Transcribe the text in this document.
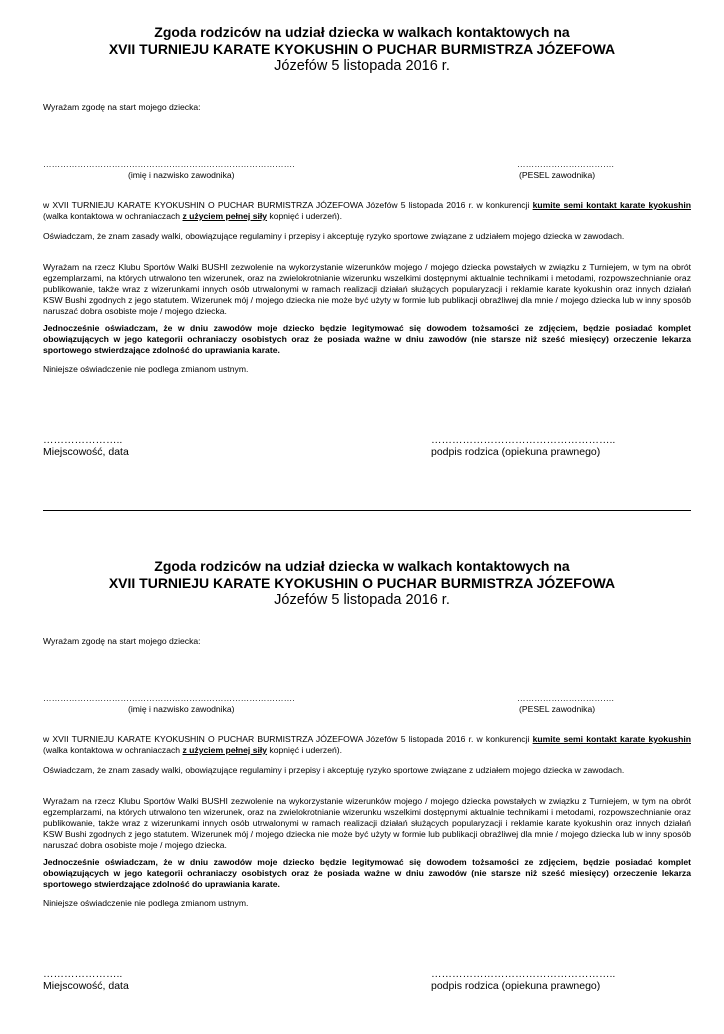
Zgoda rodziców na udział dziecka w walkach kontaktowych na
XVII TURNIEJU KARATE KYOKUSHIN O PUCHAR BURMISTRZA JÓZEFOWA
Józefów 5 listopada 2016 r.

Wyrażam zgodę na start mojego dziecka:

…………………………………………………………………………….
(imię i nazwisko zawodnika)
…………………………….
(PESEL zawodnika)

w XVII TURNIEJU KARATE KYOKUSHIN O PUCHAR BURMISTRZA JÓZEFOWA Józefów 5 listopada 2016 r. w konkurencji kumite semi kontakt karate kyokushin (walka kontaktowa w ochraniaczach z użyciem pełnej siły kopnięć i uderzeń).

Oświadczam, że znam zasady walki, obowiązujące regulaminy i przepisy i akceptuję ryzyko sportowe związane z udziałem mojego dziecka w zawodach.

Wyrażam na rzecz Klubu Sportów Walki BUSHI zezwolenie na wykorzystanie wizerunków mojego / mojego dziecka powstałych w związku z Turniejem, w tym na obrót egzemplarzami, na których utrwalono ten wizerunek, oraz na zwielokrotnianie wizerunku wszelkimi dostępnymi aktualnie technikami i metodami, rozpowszechnianie oraz publikowanie, także wraz z wizerunkami innych osób utrwalonymi w ramach realizacji działań służących popularyzacji i reklamie karate kyokushin oraz innych działań KSW Bushi zgodnych z jego statutem. Wizerunek mój / mojego dziecka nie może być użyty w formie lub publikacji obraźliwej dla mnie / mojego dziecka lub w inny sposób naruszać dobra osobiste moje / mojego dziecka.

Jednocześnie oświadczam, że w dniu zawodów moje dziecko będzie legitymować się dowodem tożsamości ze zdjęciem, będzie posiadać komplet obowiązujących w jego kategorii ochraniaczy osobistych oraz że posiada ważne w dniu zawodów (nie starsze niż sześć miesięcy) orzeczenie lekarza sportowego stwierdzające zdolność do uprawiania karate.

Niniejsze oświadczenie nie podlega zmianom ustnym.

…………………..
Miejscowość, data
……………………………………………..
podpis rodzica (opiekuna prawnego)
Zgoda rodziców na udział dziecka w walkach kontaktowych na
XVII TURNIEJU KARATE KYOKUSHIN O PUCHAR BURMISTRZA JÓZEFOWA
Józefów 5 listopada 2016 r.

Wyrażam zgodę na start mojego dziecka:

…………………………………………………………………………….
(imię i nazwisko zawodnika)
…………………………….
(PESEL zawodnika)

w XVII TURNIEJU KARATE KYOKUSHIN O PUCHAR BURMISTRZA JÓZEFOWA Józefów 5 listopada 2016 r. w konkurencji kumite semi kontakt karate kyokushin (walka kontaktowa w ochraniaczach z użyciem pełnej siły kopnięć i uderzeń).

Oświadczam, że znam zasady walki, obowiązujące regulaminy i przepisy i akceptuję ryzyko sportowe związane z udziałem mojego dziecka w zawodach.

Wyrażam na rzecz Klubu Sportów Walki BUSHI zezwolenie na wykorzystanie wizerunków mojego / mojego dziecka powstałych w związku z Turniejem, w tym na obrót egzemplarzami, na których utrwalono ten wizerunek, oraz na zwielokrotnianie wizerunku wszelkimi dostępnymi aktualnie technikami i metodami, rozpowszechnianie oraz publikowanie, także wraz z wizerunkami innych osób utrwalonymi w ramach realizacji działań służących popularyzacji i reklamie karate kyokushin oraz innych działań KSW Bushi zgodnych z jego statutem. Wizerunek mój / mojego dziecka nie może być użyty w formie lub publikacji obraźliwej dla mnie / mojego dziecka lub w inny sposób naruszać dobra osobiste moje / mojego dziecka.

Jednocześnie oświadczam, że w dniu zawodów moje dziecko będzie legitymować się dowodem tożsamości ze zdjęciem, będzie posiadać komplet obowiązujących w jego kategorii ochraniaczy osobistych oraz że posiada ważne w dniu zawodów (nie starsze niż sześć miesięcy) orzeczenie lekarza sportowego stwierdzające zdolność do uprawiania karate.

Niniejsze oświadczenie nie podlega zmianom ustnym.

…………………..
Miejscowość, data
……………………………………………..
podpis rodzica (opiekuna prawnego)
